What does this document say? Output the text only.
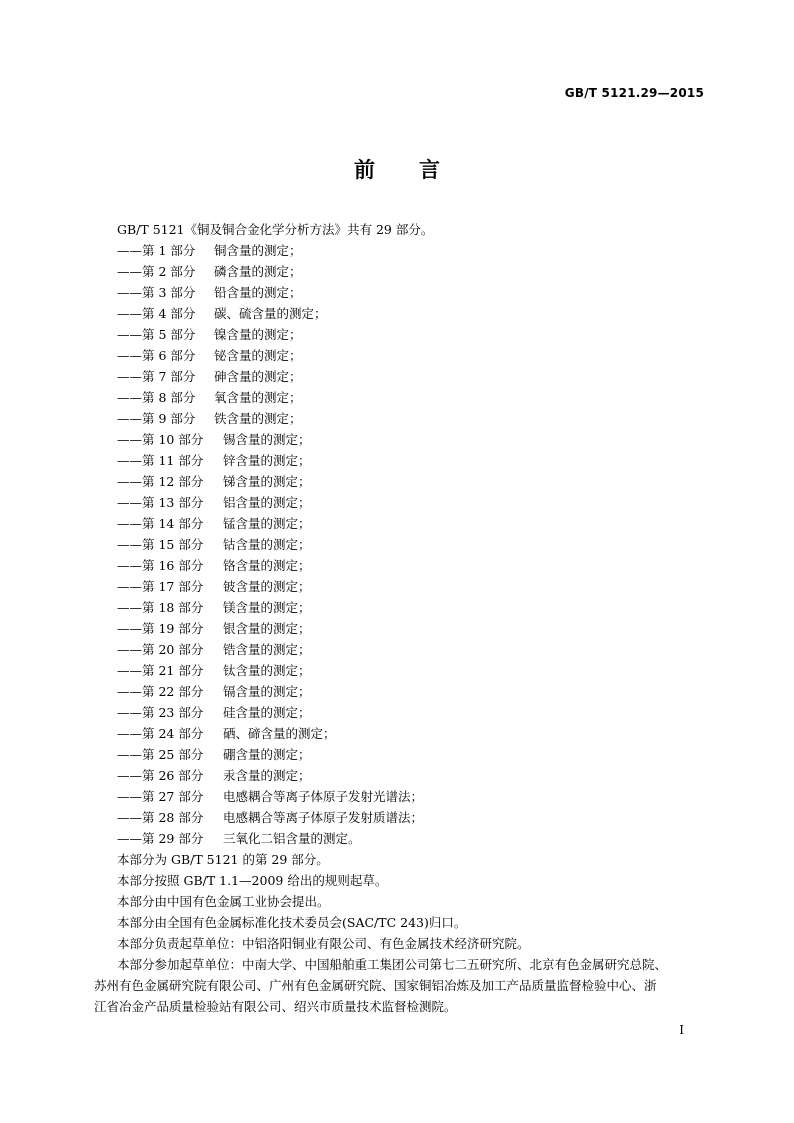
GB/T 5121.29—2015
前 言
GB/T 5121《铜及铜合金化学分析方法》共有 29 部分。
——第 1 部分	铜含量的测定；
——第 2 部分	磷含量的测定；
——第 3 部分	铅含量的测定；
——第 4 部分	碳、硫含量的测定；
——第 5 部分	镍含量的测定；
——第 6 部分	铋含量的测定；
——第 7 部分	砷含量的测定；
——第 8 部分	氧含量的测定；
——第 9 部分	铁含量的测定；
——第 10 部分	锡含量的测定；
——第 11 部分	锌含量的测定；
——第 12 部分	锑含量的测定；
——第 13 部分	铝含量的测定；
——第 14 部分	锰含量的测定；
——第 15 部分	钴含量的测定；
——第 16 部分	铬含量的测定；
——第 17 部分	铍含量的测定；
——第 18 部分	镁含量的测定；
——第 19 部分	银含量的测定；
——第 20 部分	锆含量的测定；
——第 21 部分	钛含量的测定；
——第 22 部分	镉含量的测定；
——第 23 部分	硅含量的测定；
——第 24 部分	硒、碲含量的测定；
——第 25 部分	硼含量的测定；
——第 26 部分	汞含量的测定；
——第 27 部分	电感耦合等离子体原子发射光谱法；
——第 28 部分	电感耦合等离子体原子发射质谱法；
——第 29 部分	三氧化二铝含量的测定。
本部分为 GB/T 5121 的第 29 部分。
本部分按照 GB/T 1.1—2009 给出的规则起草。
本部分由中国有色金属工业协会提出。
本部分由全国有色金属标准化技术委员会(SAC/TC 243)归口。
本部分负责起草单位：中铝洛阳铜业有限公司、有色金属技术经济研究院。
本部分参加起草单位：中南大学、中国船舶重工集团公司第七二五研究所、北京有色金属研究总院、
苏州有色金属研究院有限公司、广州有色金属研究院、国家铜铝冶炼及加工产品质量监督检验中心、浙
江省冶金产品质量检验站有限公司、绍兴市质量技术监督检测院。
I
